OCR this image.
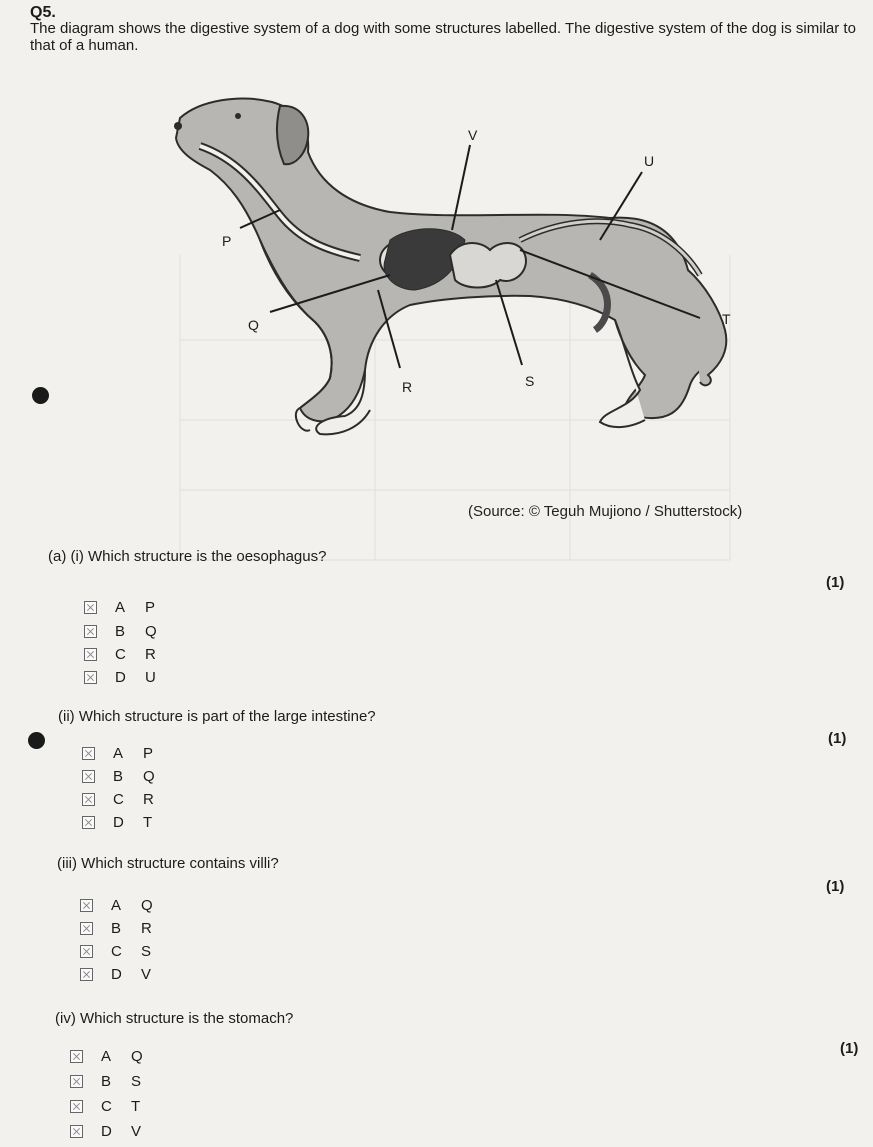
Q5.
The diagram shows the digestive system of a dog with some structures labelled. The digestive system of the dog is similar to that of a human.
V
U
P
Q	T
R	S
(Source: © Teguh Mujiono / Shutterstock)
(a) (i) Which structure is the oesophagus?
(1)
A	P
B	Q
C	R
D	U
(ii) Which structure is part of the large intestine?
(1)
A	P
B	Q
C	R
D	T
(iii) Which structure contains villi?
(1)
A	Q
B	R
C	S
D	V
(iv) Which structure is the stomach?
(1)
A	Q
B	S
C	T
D	V
